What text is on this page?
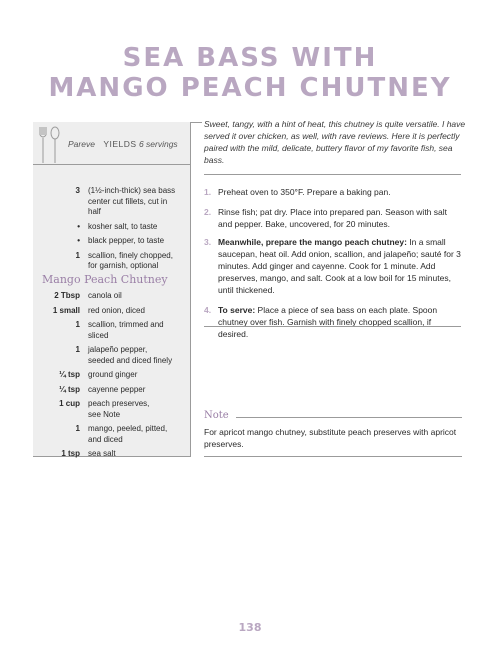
SEA BASS WITH
MANGO PEACH CHUTNEY
Pareve YIELDS 6 servings
3 (1½-inch-thick) sea bass
center cut fillets, cut in
half
• kosher salt, to taste
• black pepper, to taste
1 scallion, finely chopped,
for garnish, optional
Mango Peach Chutney
2 Tbsp canola oil
1 small red onion, diced
1 scallion, trimmed and
sliced
1 jalapeño pepper,
seeded and diced finely
¼ tsp ground ginger
¼ tsp cayenne pepper
1 cup peach preserves,
see Note
1 mango, peeled, pitted,
and diced
1 tsp sea salt
Sweet, tangy, with a hint of heat, this chutney is quite versatile. I have served it over chicken, as well, with rave reviews. Here it is perfectly paired with the mild, delicate, buttery flavor of my favorite fish, sea bass.
1. Preheat oven to 350°F. Prepare a baking pan.
2. Rinse fish; pat dry. Place into prepared pan. Season with salt and pepper. Bake, uncovered, for 20 minutes.
3. Meanwhile, prepare the mango peach chutney: In a small saucepan, heat oil. Add onion, scallion, and jalapeño; sauté for 3 minutes. Add ginger and cayenne. Cook for 1 minute. Add preserves, mango, and salt. Cook at a low boil for 15 minutes, until thickened.
4. To serve: Place a piece of sea bass on each plate. Spoon chutney over fish. Garnish with finely chopped scallion, if desired.
Note
For apricot mango chutney, substitute peach preserves with apricot preserves.
138
